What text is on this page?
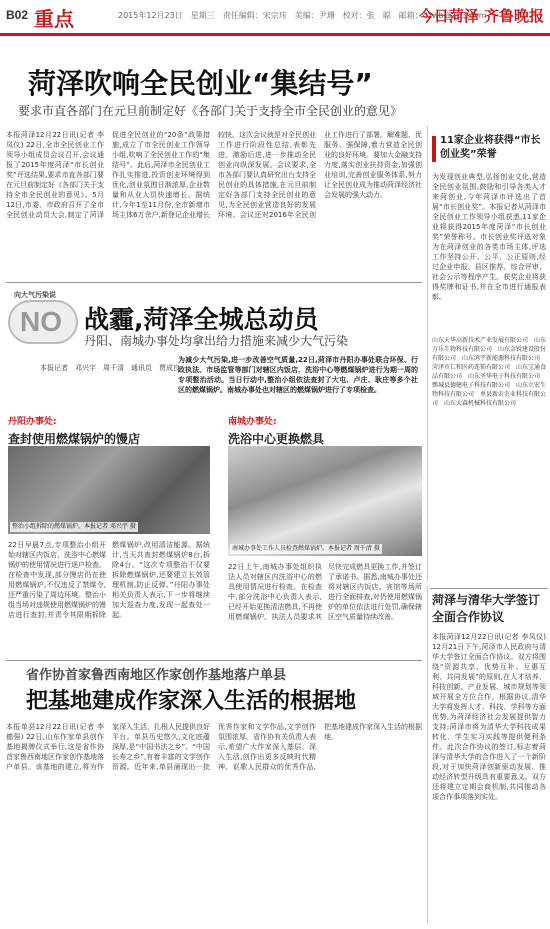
B02 重点	2015年12月23日　星期三　责任编辑：宋宗玮　美编：尹珊　校对：张　聪　邮箱：dzwb@163.com
今日菏泽 齐鲁晚报
菏泽吹响全民创业“集结号”
要求市直各部门在元旦前制定好《各部门关于支持全市全民创业的意见》
本报菏泽12月22日讯(记者 李凤仪) 22日,全市全民创业工作领导小组成员会议召开,会议通报了2015年度菏泽“市长创业奖”评选结果,要求市直各部门要在元旦前制定好《各部门关于支持全市全民创业的意见》。5月12日,市委、市政府召开了全市全民创业动员大会,制定了菏泽促进全民创业的“20条”政策措施,成立了市全民创业工作领导小组,吹响了全民创业工作的“集结号”。此后,菏泽市全民创业工作扎实推进,投资创业环境得到优化,创业氛围日渐浓厚,企业数量和从业人员快速增长。据统计,今年1至11月份,全市新增市场主体6万余户,新登记企业增长较快。这次会议就是对全民创业工作进行阶段性总结,表彰先进、激励后进,进一步推动全民创业向纵深发展。会议要求,全市各部门要认真研究出台支持全民创业的具体措施,在元旦前制定好各部门支持全民创业的意见,为全民创业营造良好的发展环境。会议还对2016年全民创业工作进行了部署。解难题、优服务、强保障,着力营造全民创业的良好环境。要加大金融支持力度,落实创业扶持资金,加强创业培训,完善创业服务体系,努力让全民创业成为推动菏泽经济社会发展的强大动力。
11家企业将获得“市长创业奖”荣誉
为发现创业典型,弘扬创业文化,营造全民创业氛围,鼓励和引导各类人才来菏创业,今年菏泽市评选出了首届“市长创业奖”。本报记者从菏泽市全民创业工作领导小组获悉,11家企业将获得2015年度菏泽“市长创业奖”荣誉称号。市长创业奖评选对象为在菏泽创业的各类市场主体,评选工作坚持公开、公平、公正原则,经过企业申报、县区推荐、综合评审、社会公示等程序产生。获奖企业将获得奖牌和证书,并在全市进行通报表彰。
山东天华高新技术产业发展有限公司　山东万乐生物科技有限公司　山东金锐建设股份有限公司　山东鸿宇新能源科技有限公司　菏泽市仁和医药连锁有限公司　山东宝通食品有限公司　山东圣华电子科技有限公司　鄄城县德健电子科技有限公司　山东立宏生物科技有限公司　单县新农农业科技有限公司　山东大森机械科技有限公司
向大气污染说
NO 战霾,菏泽全城总动员
丹阳、南城办事处均拿出给力措施来减少大气污染
本报记者　邓兴宇　周千清　通讯员　贾成良
为减少大气污染,进一步改善空气质量,22日,菏泽市丹阳办事处联合环保、行政执法、市场监管等部门对辖区内饭店、洗浴中心等燃煤锅炉进行为期一周的专项整治活动。当日行动中,整治小组依法查封了大屯、卢庄、耿庄等多个社区的燃煤锅炉。南城办事处也对辖区的燃煤锅炉进行了专项检查。
丹阳办事处:
查封使用燃煤锅炉的馒店
整治小组拆除的燃煤锅炉。本报记者 邓兴宇 摄
南城办事处:
洗浴中心更换燃具
南城办事处工作人员检查燃煤锅炉。本报记者 周千清 摄
22日早晨7点,专项整治小组开始对辖区内饭店、洗浴中心燃煤锅炉的使用情况进行逐户检查。在检查中发现,部分馒店仍在使用燃煤锅炉,不仅违反了禁煤令,还严重污染了周边环境。整治小组当场对违规使用燃煤锅炉的馒店进行查封,并责令其限期拆除燃煤锅炉,改用清洁能源。据统计,当天共查封燃煤锅炉8台,拆除4台。“这次专项整治不仅要拆除燃煤锅炉,还要建立长效管理机制,防止反弹。”丹阳办事处相关负责人表示,下一步将继续加大巡查力度,发现一起查处一起。
22日上午,南城办事处组织执法人员对辖区内洗浴中心的燃具使用情况进行检查。在检查中,部分洗浴中心负责人表示,已经开始更换清洁燃具,不再使用燃煤锅炉。执法人员要求其尽快完成燃具更换工作,并签订了承诺书。据悉,南城办事处还将对辖区内饭店、宾馆等场所进行全面排查,对仍使用燃煤锅炉的单位依法进行处罚,确保辖区空气质量持续改善。
菏泽与清华大学签订全面合作协议
本报菏泽12月22日讯(记者 李凤仪) 12月21日下午,菏泽市人民政府与清华大学签订全面合作协议。双方将围绕“资源共享、优势互补、互惠互利、共同发展”的原则,在人才培养、科技创新、产业发展、城市规划等领域开展全方位合作。根据协议,清华大学将发挥人才、科技、学科等方面优势,为菏泽经济社会发展提供智力支持;菏泽市将为清华大学科技成果转化、学生实习实践等提供便利条件。此次合作协议的签订,标志着菏泽与清华大学的合作进入了一个新阶段,对于加快菏泽创新驱动发展、推动经济转型升级具有重要意义。双方还将建立定期会商机制,共同推动各项合作事项落到实处。
省作协首家鲁西南地区作家创作基地落户单县
把基地建成作家深入生活的根据地
本报单县12月22日讯(记者 李德强) 22日,山东作家单县创作基地揭牌仪式举行,这是省作协首家鲁西南地区作家创作基地落户单县。该基地的建立,将为作家深入生活、扎根人民提供良好平台。单县历史悠久,文化底蕴深厚,是“中国书法之乡”、“中国长寿之乡”,有着丰富的文学创作资源。近年来,单县涌现出一批优秀作家和文学作品,文学创作氛围浓厚。省作协有关负责人表示,希望广大作家深入基层、深入生活,创作出更多反映时代精神、讴歌人民群众的优秀作品,把基地建成作家深入生活的根据地。
